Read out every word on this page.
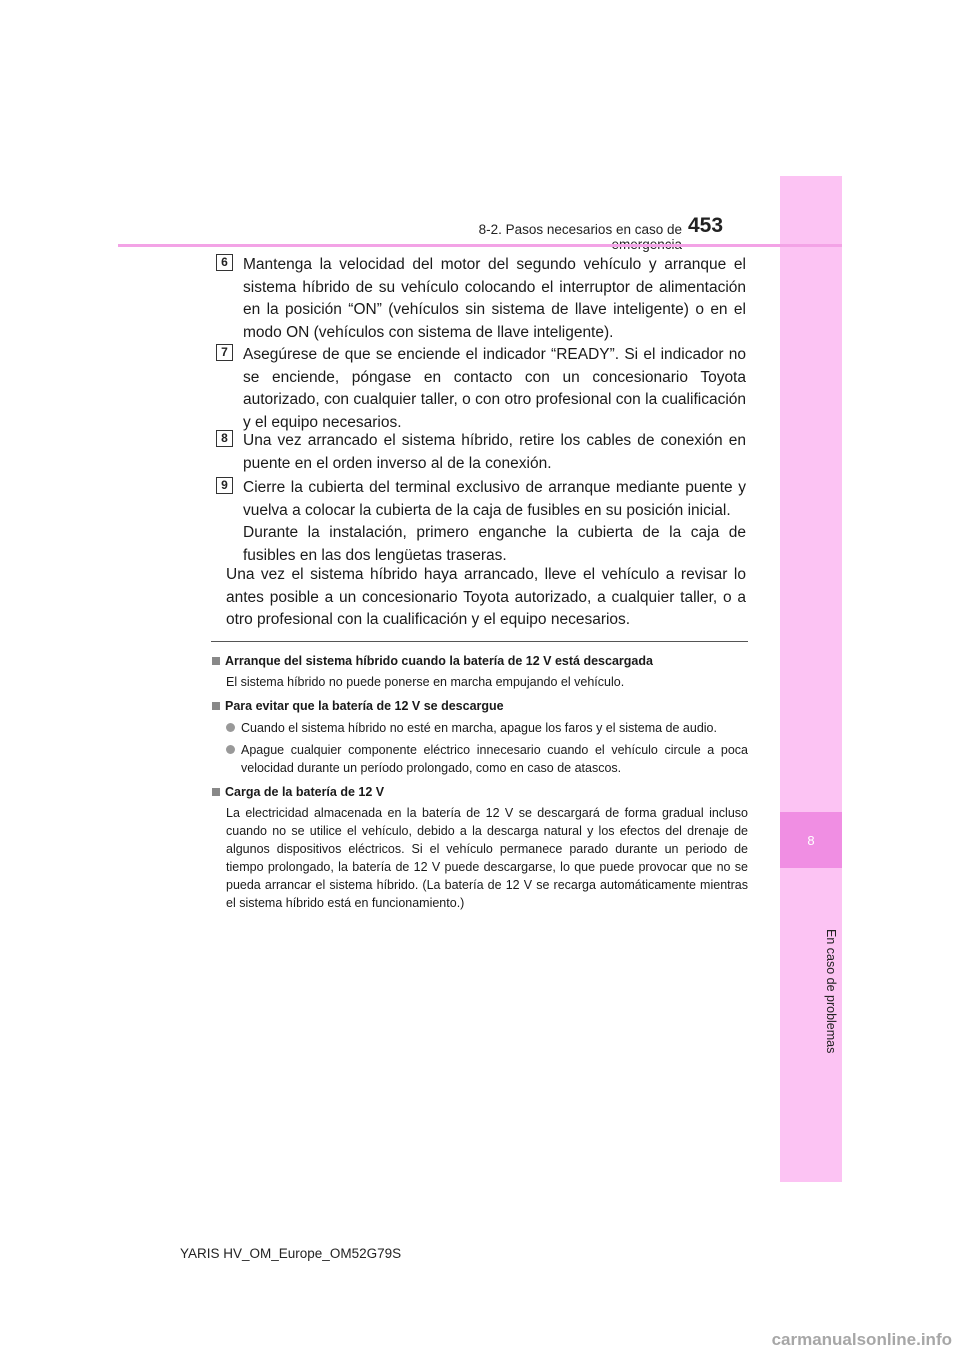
8
En caso de problemas
8-2. Pasos necesarios en caso de 453
6 Mantenga la velocidad del motor del segundo vehículo y arranque el sistema híbrido de su vehículo colocando el interruptor de alimentación en la posición “ON” (vehículos sin sistema de llave inteligente) o en el modo ON (vehículos con sistema de llave inteligente).
7 Asegúrese de que se enciende el indicador “READY”. Si el indicador no se enciende, póngase en contacto con un concesionario Toyota autorizado, con cualquier taller, o con otro profesional con la cualificación y el equipo necesarios.
8 Una vez arrancado el sistema híbrido, retire los cables de conexión en puente en el orden inverso al de la conexión.
9 Cierre la cubierta del terminal exclusivo de arranque mediante puente y vuelva a colocar la cubierta de la caja de fusibles en su posición inicial.
Durante la instalación, primero enganche la cubierta de la caja de fusibles en las dos lengüetas traseras.
Una vez el sistema híbrido haya arrancado, lleve el vehículo a revisar lo antes posible a un concesionario Toyota autorizado, a cualquier taller, o a otro profesional con la cualificación y el equipo necesarios.
Arranque del sistema híbrido cuando la batería de 12 V está descargada
El sistema híbrido no puede ponerse en marcha empujando el vehículo.
Para evitar que la batería de 12 V se descargue
Cuando el sistema híbrido no esté en marcha, apague los faros y el sistema de audio.
Apague cualquier componente eléctrico innecesario cuando el vehículo circule a poca velocidad durante un período prolongado, como en caso de atascos.
Carga de la batería de 12 V
La electricidad almacenada en la batería de 12 V se descargará de forma gradual incluso cuando no se utilice el vehículo, debido a la descarga natural y los efectos del drenaje de algunos dispositivos eléctricos. Si el vehículo permanece parado durante un periodo de tiempo prolongado, la batería de 12 V puede descargarse, lo que puede provocar que no se pueda arrancar el sistema híbrido. (La batería de 12 V se recarga automáticamente mientras el sistema híbrido está en funcionamiento.)
YARIS HV_OM_Europe_OM52G79S
carmanualsonline.info
